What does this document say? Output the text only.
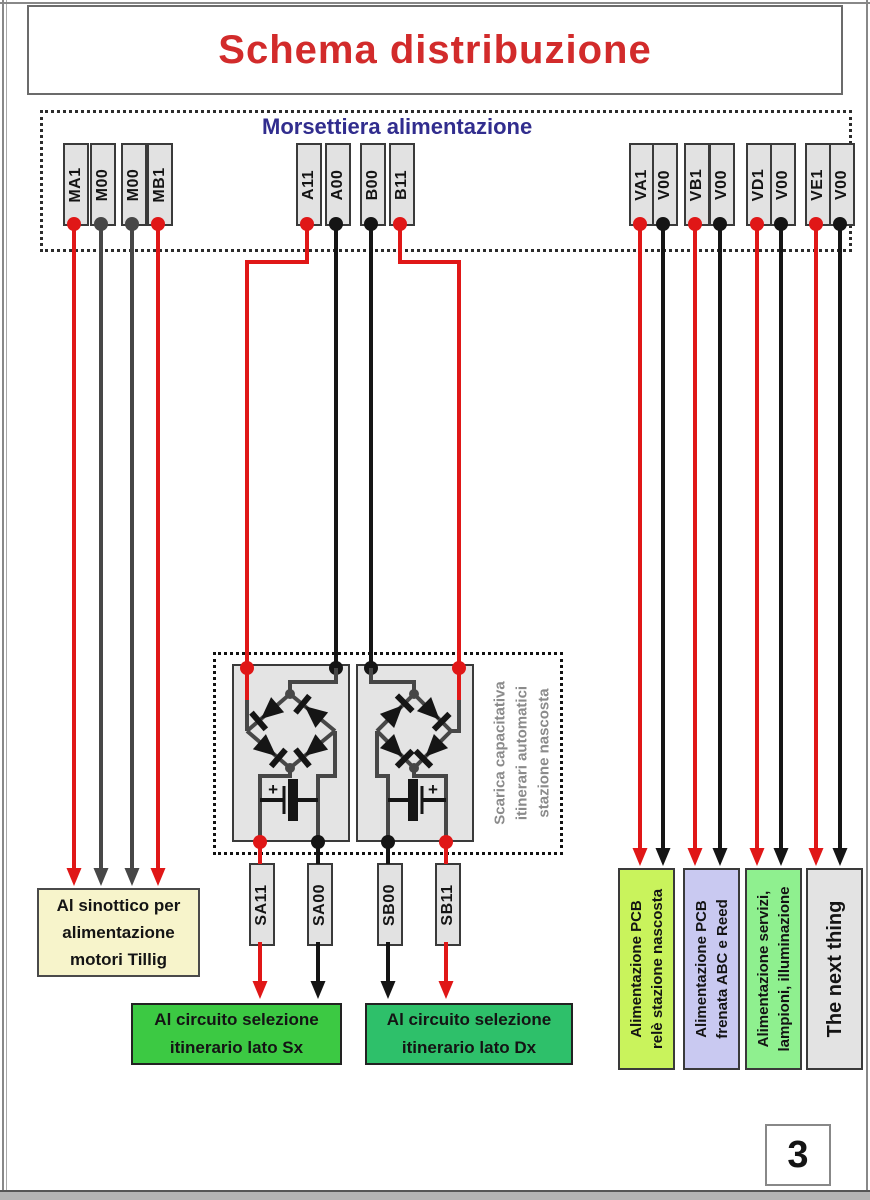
Schema distribuzione
Morsettiera alimentazione
MA1 M00 M00 MB1	A11 A00 B00 B11	VA1 V00 VB1 V00 VD1 V00 VE1 V00
Scarica capacitativa itinerari automatici stazione nascosta
SA11	SA00	SB00	SB11
Al sinottico per
alimentazione
motori Tillig
Al circuito selezione
itinerario lato Sx
Al circuito selezione
itinerario lato Dx
Alimentazione PCB relè stazione nascosta Alimentazione PCB frenata ABC e Reed Alimentazione servizi, lampioni, illuminazione The next thing
3
+	+
